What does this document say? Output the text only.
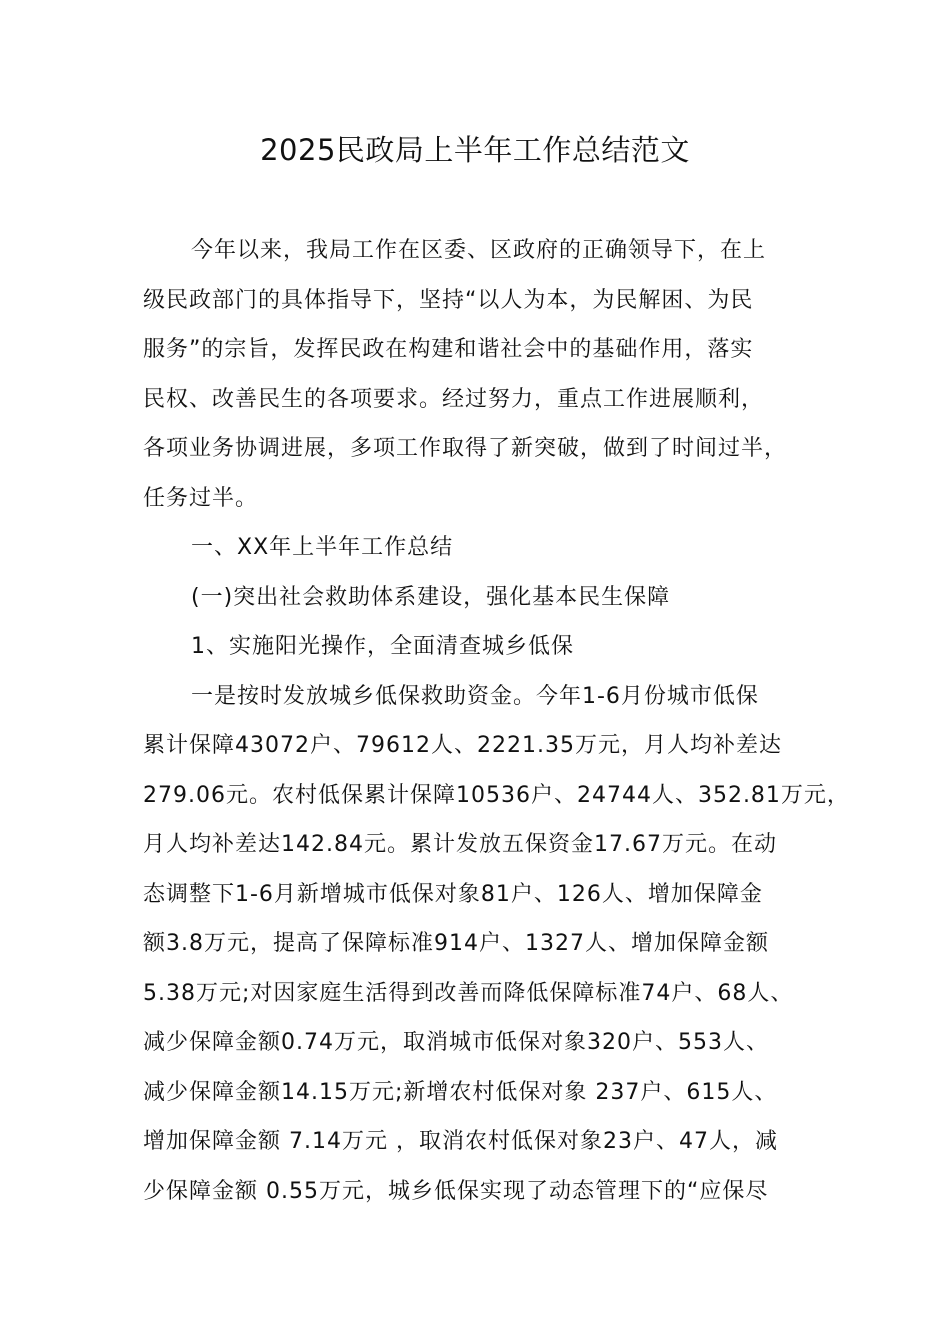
2025民政局上半年工作总结范文
今年以来，我局工作在区委、区政府的正确领导下，在上
级民政部门的具体指导下，坚持“以人为本，为民解困、为民
服务”的宗旨，发挥民政在构建和谐社会中的基础作用，落实
民权、改善民生的各项要求。经过努力，重点工作进展顺利，
各项业务协调进展，多项工作取得了新突破，做到了时间过半，
任务过半。
一、XX年上半年工作总结
(一)突出社会救助体系建设，强化基本民生保障
1、实施阳光操作，全面清查城乡低保
一是按时发放城乡低保救助资金。今年1-6月份城市低保
累计保障43072户、79612人、2221.35万元，月人均补差达
279.06元。农村低保累计保障10536户、24744人、352.81万元，
月人均补差达142.84元。累计发放五保资金17.67万元。在动
态调整下1-6月新增城市低保对象81户、126人、增加保障金
额3.8万元，提高了保障标准914户、1327人、增加保障金额
5.38万元;对因家庭生活得到改善而降低保障标准74户、68人、
减少保障金额0.74万元，取消城市低保对象320户、553人、
减少保障金额14.15万元;新增农村低保对象 237户、615人、
增加保障金额 7.14万元 ，取消农村低保对象23户、47人，减
少保障金额 0.55万元，城乡低保实现了动态管理下的“应保尽
